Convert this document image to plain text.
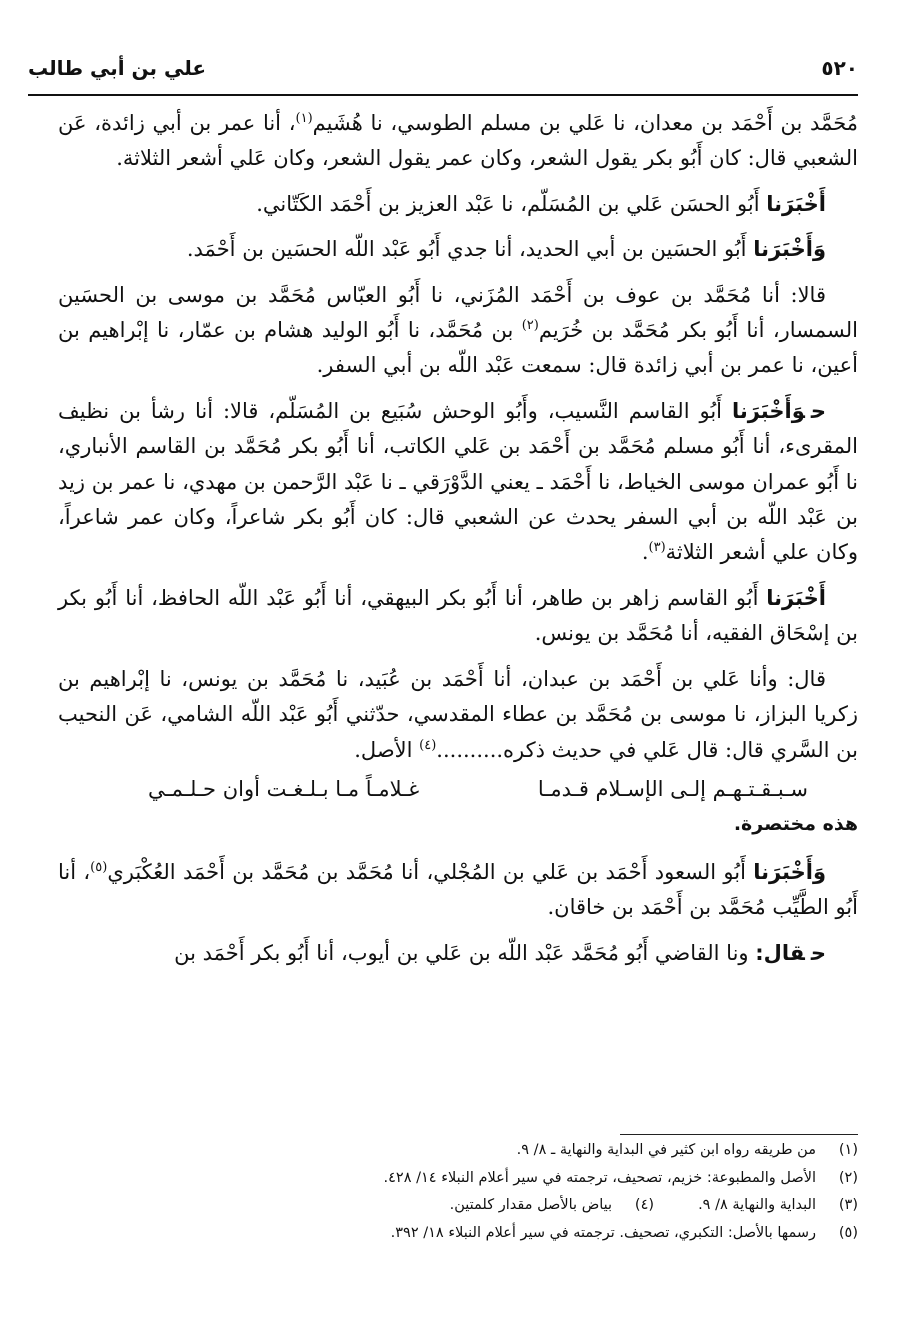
٥٢٠
علي بن أبي طالب

مُحَمَّد بن أَحْمَد بن معدان، نا عَلي بن مسلم الطوسي، نا هُشَيم$^{(١)}$، أنا عمر بن أبي زائدة، عَن الشعبي قال: كان أَبُو بكر يقول الشعر، وكان عمر يقول الشعر، وكان عَلي أشعر الثلاثة.

أَخْبَرَنا أَبُو الحسَن عَلي بن المُسَلّم، نا عَبْد العزيز بن أَحْمَد الكَتّاني.

وَأَخْبَرَنا أَبُو الحسَين بن أبي الحديد، أنا جدي أَبُو عَبْد اللّه الحسَين بن أَحْمَد.

قالا: أنا مُحَمَّد بن عوف بن أَحْمَد المُزَني، نا أَبُو العبّاس مُحَمَّد بن موسى بن الحسَين السمسار، أنا أَبُو بكر مُحَمَّد بن خُرَيم$^{(٢)}$ بن مُحَمَّد، نا أَبُو الوليد هشام بن عمّار، نا إبْراهيم بن أعين، نا عمر بن أبي زائدة قال: سمعت عَبْد اللّه بن أبي السفر.

حوَأَخْبَرَنا أَبُو القاسم النَّسيب، وأَبُو الوحش سُبَيع بن المُسَلّم، قالا: أنا رشأ بن نظيف المقرىء، أنا أَبُو مسلم مُحَمَّد بن أَحْمَد بن عَلي الكاتب، أنا أَبُو بكر مُحَمَّد بن القاسم الأنباري، نا أَبُو عمران موسى الخياط، نا أَحْمَد ـ يعني الدَّوْرَقي ـ نا عَبْد الرَّحمن بن مهدي، نا عمر بن زيد بن عَبْد اللّه بن أبي السفر يحدث عن الشعبي قال: كان أَبُو بكر شاعراً، وكان عمر شاعراً، وكان علي أشعر الثلاثة$^{(٣)}$.

أَخْبَرَنا أَبُو القاسم زاهر بن طاهر، أنا أَبُو بكر البيهقي، أنا أَبُو عَبْد اللّه الحافظ، أنا أَبُو بكر بن إسْحَاق الفقيه، أنا مُحَمَّد بن يونس.

قال: وأنا عَلي بن أَحْمَد بن عبدان، أنا أَحْمَد بن عُبَيد، نا مُحَمَّد بن يونس، نا إبْراهيم بن زكريا البزاز، نا موسى بن مُحَمَّد بن عطاء المقدسي، حدّثني أَبُو عَبْد اللّه الشامي، عَن النحيب بن السَّري قال: قال عَلي في حديث ذكره..........$^{(٤)}$ الأصل.

سـبـقـتـهـم إلـى الإسـلام قـدمـا
غـلامـاً مـا بـلـغـت أوان حـلـمـي

هذه مختصرة.

وَأَخْبَرَنا أَبُو السعود أَحْمَد بن عَلي بن المُجْلي، أنا مُحَمَّد بن مُحَمَّد بن أَحْمَد العُكْبَري$^{(٥)}$، أنا أَبُو الطَّيِّب مُحَمَّد بن أَحْمَد بن خاقان.

حقال: ونا القاضي أَبُو مُحَمَّد عَبْد اللّه بن عَلي بن أيوب، أنا أَبُو بكر أَحْمَد بن

(١)من طريقه رواه ابن كثير في البداية والنهاية ـ ٨/ ٩.
(٢)الأصل والمطبوعة: خزيم، تصحيف، ترجمته في سير أعلام النبلاء ١٤/ ٤٢٨.
(٣)البداية والنهاية ٨/ ٩.(٤)بياض بالأصل مقدار كلمتين.
(٥)رسمها بالأصل: التكبري، تصحيف. ترجمته في سير أعلام النبلاء ١٨/ ٣٩٢.
